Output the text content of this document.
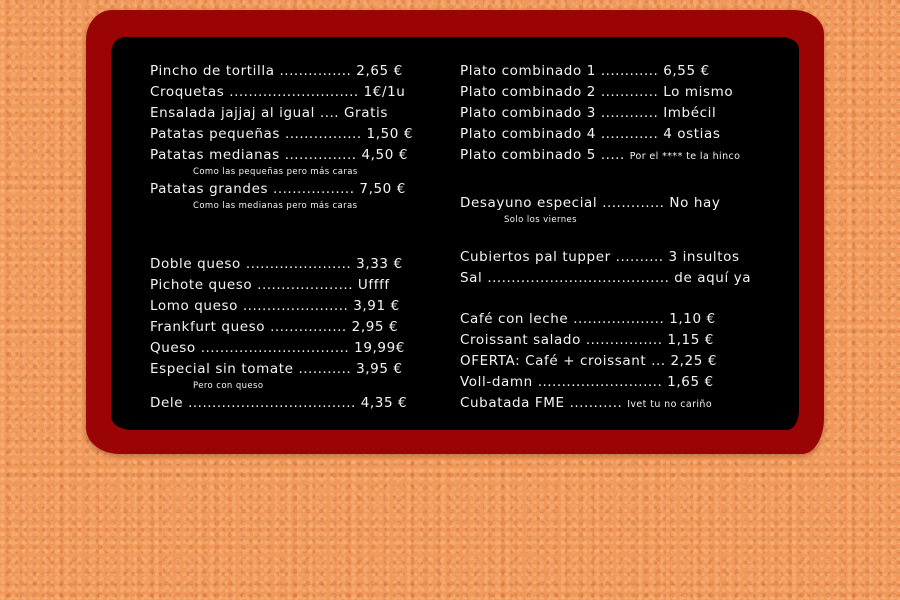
Pincho de tortilla ............... 2,65 €
Croquetas ........................... 1€/1u
Ensalada jajjaj al igual .... Gratis
Patatas pequeñas ................ 1,50 €
Patatas medianas ............... 4,50 €
Como las pequeñas pero más caras
Patatas grandes ................. 7,50 €
Como las medianas pero más caras
Doble queso ...................... 3,33 €
Pichote queso .................... Uffff
Lomo queso ...................... 3,91 €
Frankfurt queso ................ 2,95 €
Queso ............................... 19,99€
Especial sin tomate ........... 3,95 €
Pero con queso
Dele ................................... 4,35 €
Plato combinado 1 ............ 6,55 €
Plato combinado 2 ............ Lo mismo
Plato combinado 3 ............ Imbécil
Plato combinado 4 ............ 4 ostias
Plato combinado 5 ..... Por el **** te la hinco
Desayuno especial ............. No hay
Solo los viernes
Cubiertos pal tupper .......... 3 insultos
Sal ...................................... de aquí ya
Café con leche ................... 1,10 €
Croissant salado ................ 1,15 €
OFERTA: Café + croissant ... 2,25 €
Voll-damn .......................... 1,65 €
Cubatada FME ........... Ivet tu no cariño
